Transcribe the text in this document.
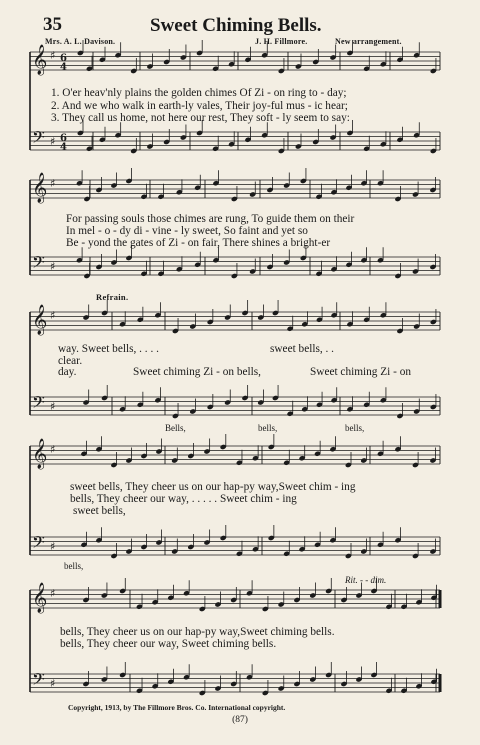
35	Sweet Chiming Bells.
Mrs. A. L. Davison.	J. H. Fillmore.	New arrangement.
𝄞 ♯
𝄢 ♯
6
4
6
4
𝄞 ♯
𝄢 ♯
𝄞 ♯
𝄢 ♯
𝄞 ♯
𝄢 ♯
𝄞 ♯
𝄢 ♯
1. O'er heav'nly plains the golden chimes Of Zi - on ring to - day;
2. And we who walk in earth-ly vales, Their joy-ful mus - ic hear;
3. They call us home, not here our rest, They soft - ly seem to say:
For passing souls those chimes are rung, To guide them on their
In mel - o - dy di - vine - ly sweet, So faint and yet so
Be - yond the gates of Zi - on fair, There shines a bright-er
Refrain.
way. Sweet bells, . . . .	sweet bells, . .
clear.
day.	Sweet chiming Zi - on bells,	Sweet chiming Zi - on
Bells,	bells,	bells,
sweet bells, They cheer us on our hap-py way,Sweet chim - ing
bells, They cheer our way, . . . . . Sweet chim - ing
sweet bells,
bells,
Rit. - - dim.
bells, They cheer us on our hap-py way,Sweet chiming bells.
bells, They cheer our way, Sweet chiming bells.
Copyright, 1913, by The Fillmore Bros. Co. International copyright.
(87)
